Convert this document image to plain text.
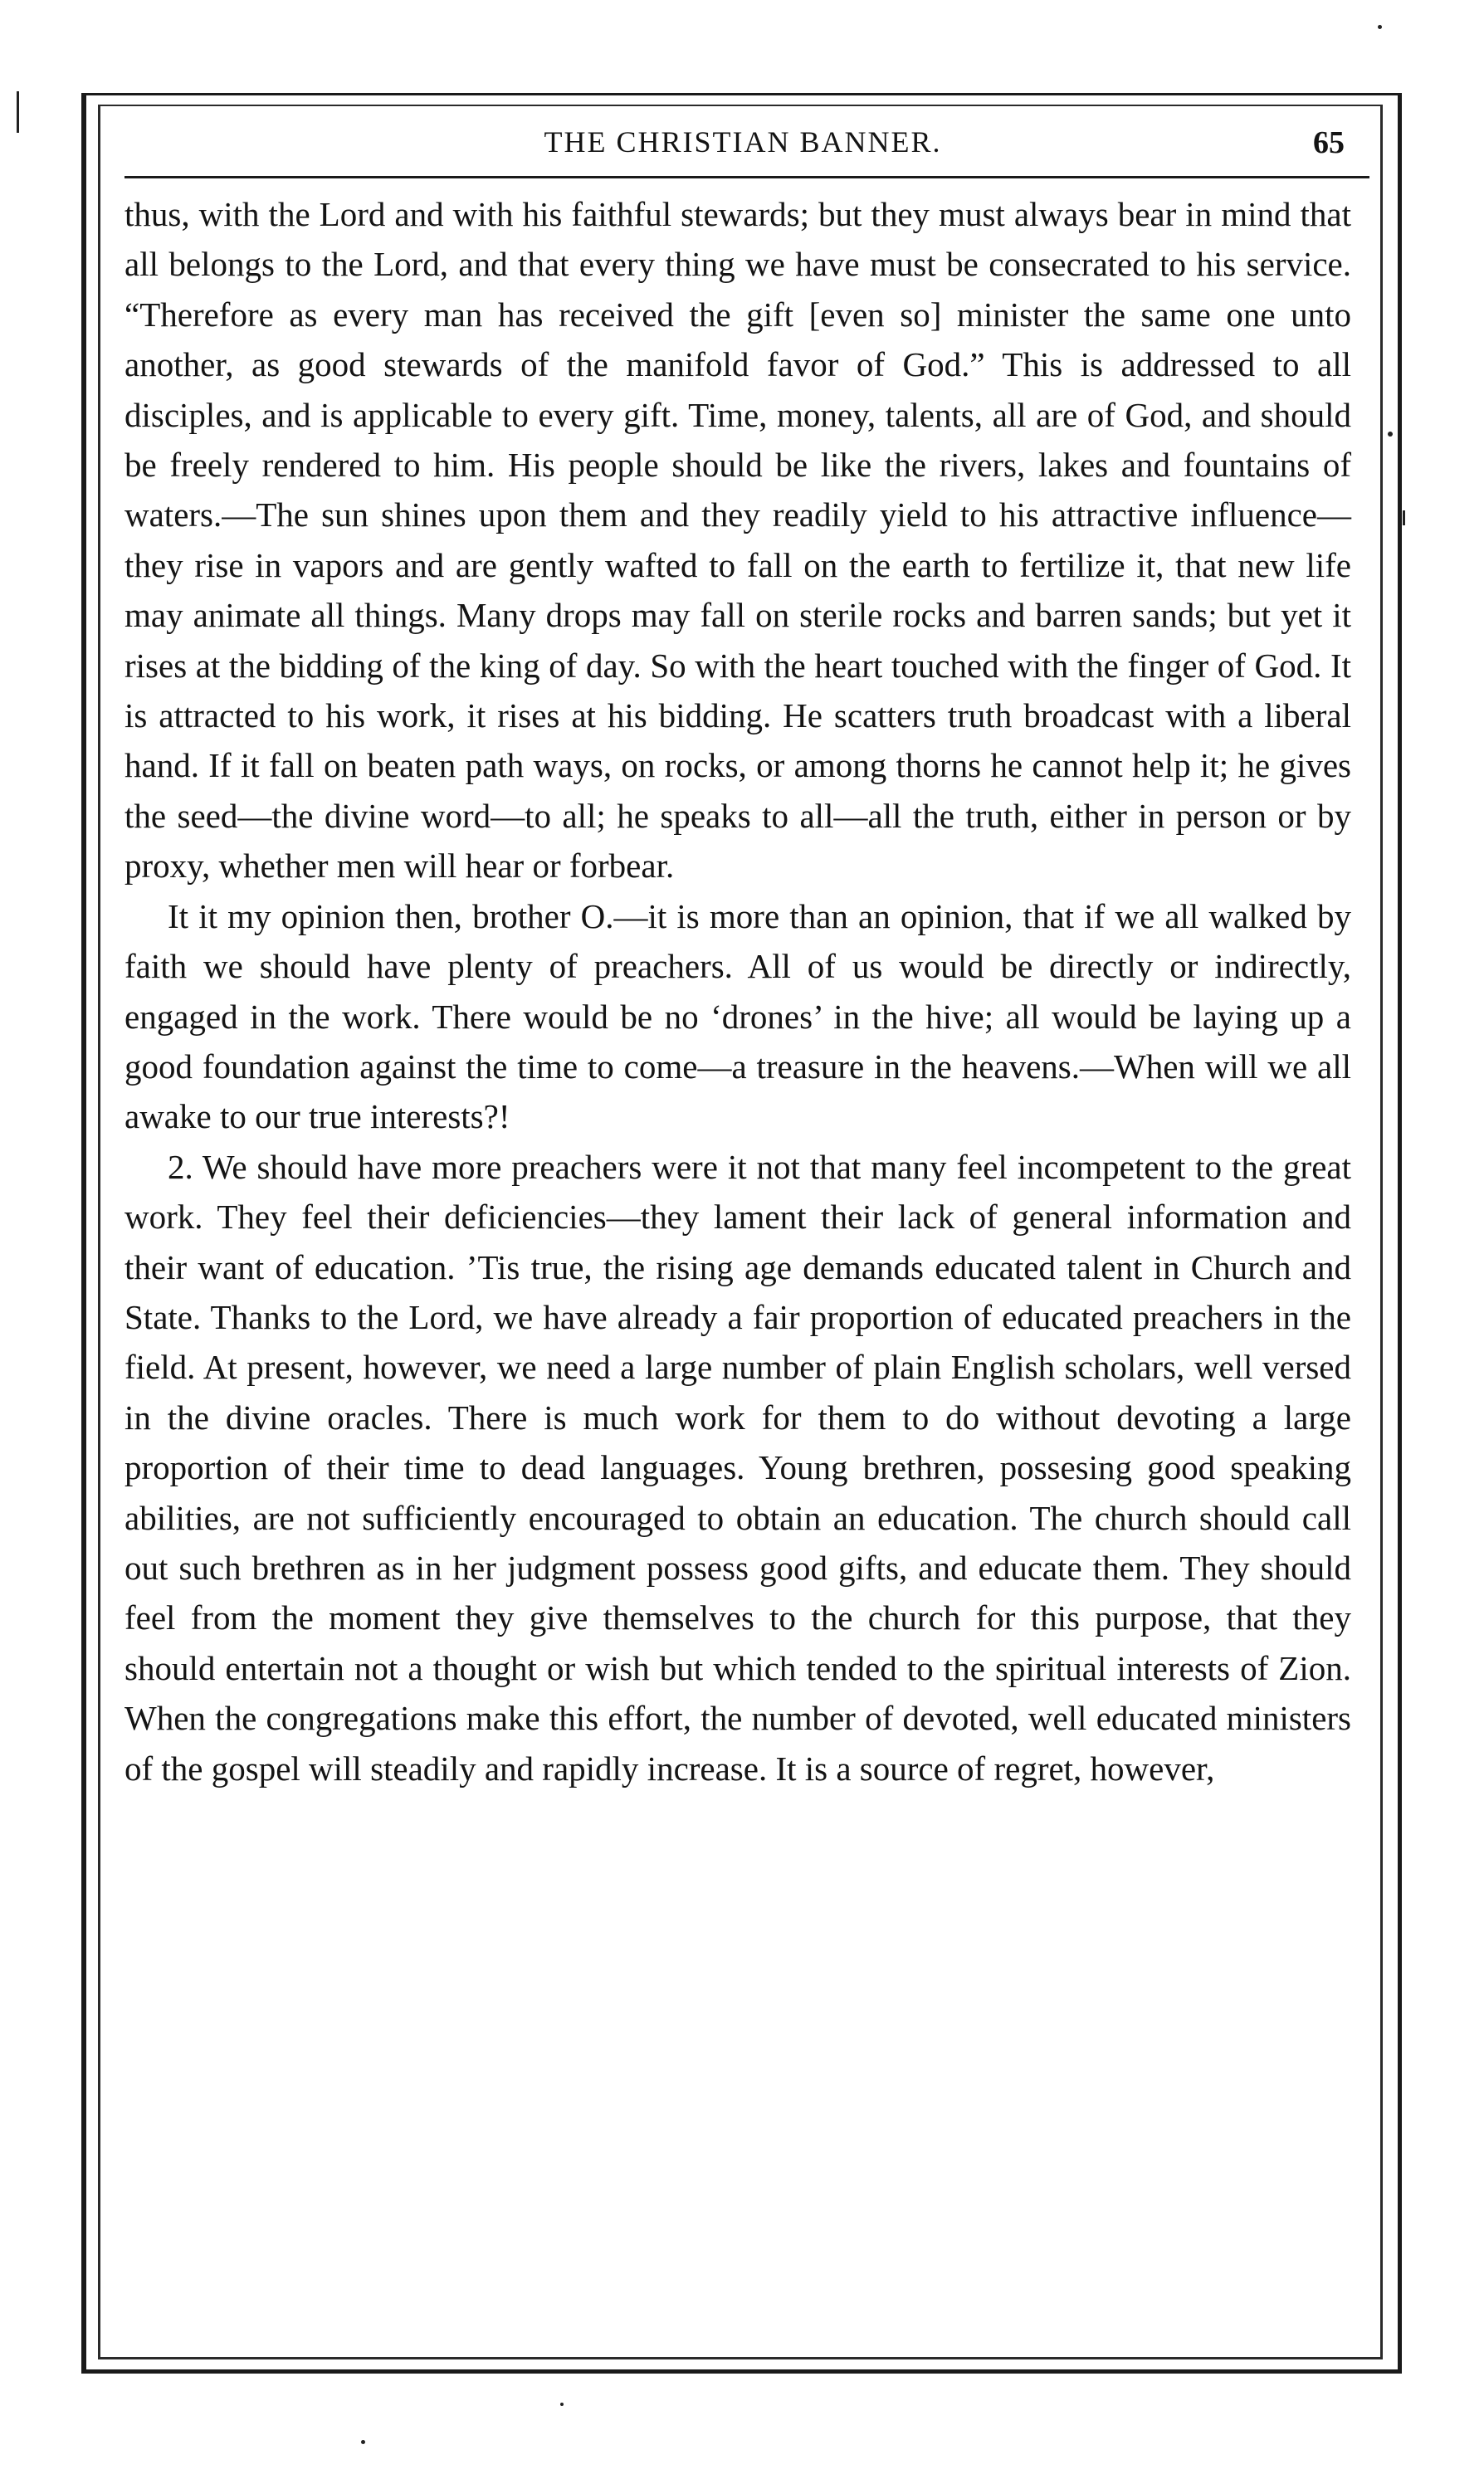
THE CHRISTIAN BANNER.	65

thus, with the Lord and with his faithful stewards; but they must always bear in mind that all belongs to the Lord, and that every thing we have must be consecrated to his service. “Therefore as every man has received the gift [even so] minister the same one unto another, as good stewards of the manifold favor of God.” This is addressed to all disciples, and is applicable to every gift. Time, money, talents, all are of God, and should be freely rendered to him. His people should be like the rivers, lakes and fountains of waters.—The sun shines upon them and they readily yield to his attractive influence—they rise in vapors and are gently wafted to fall on the earth to fertilize it, that new life may animate all things. Many drops may fall on sterile rocks and barren sands; but yet it rises at the bidding of the king of day. So with the heart touched with the finger of God. It is attracted to his work, it rises at his bidding. He scatters truth broadcast with a liberal hand. If it fall on beaten path ways, on rocks, or among thorns he cannot help it; he gives the seed—the divine word—to all; he speaks to all—all the truth, either in person or by proxy, whether men will hear or forbear.

It it my opinion then, brother O.—it is more than an opinion, that if we all walked by faith we should have plenty of preachers. All of us would be directly or indirectly, engaged in the work. There would be no ‘drones’ in the hive; all would be laying up a good foundation against the time to come—a treasure in the heavens.—When will we all awake to our true interests?!

2. We should have more preachers were it not that many feel incompetent to the great work. They feel their deficiencies—they lament their lack of general information and their want of education. ’Tis true, the rising age demands educated talent in Church and State. Thanks to the Lord, we have already a fair proportion of educated preachers in the field. At present, however, we need a large number of plain English scholars, well versed in the divine oracles. There is much work for them to do without devoting a large proportion of their time to dead languages. Young brethren, possesing good speaking abilities, are not sufficiently encouraged to obtain an education. The church should call out such brethren as in her judgment possess good gifts, and educate them. They should feel from the moment they give themselves to the church for this purpose, that they should entertain not a thought or wish but which tended to the spiritual interests of Zion. When the congregations make this effort, the number of devoted, well educated ministers of the gospel will steadily and rapidly increase. It is a source of regret, however,
